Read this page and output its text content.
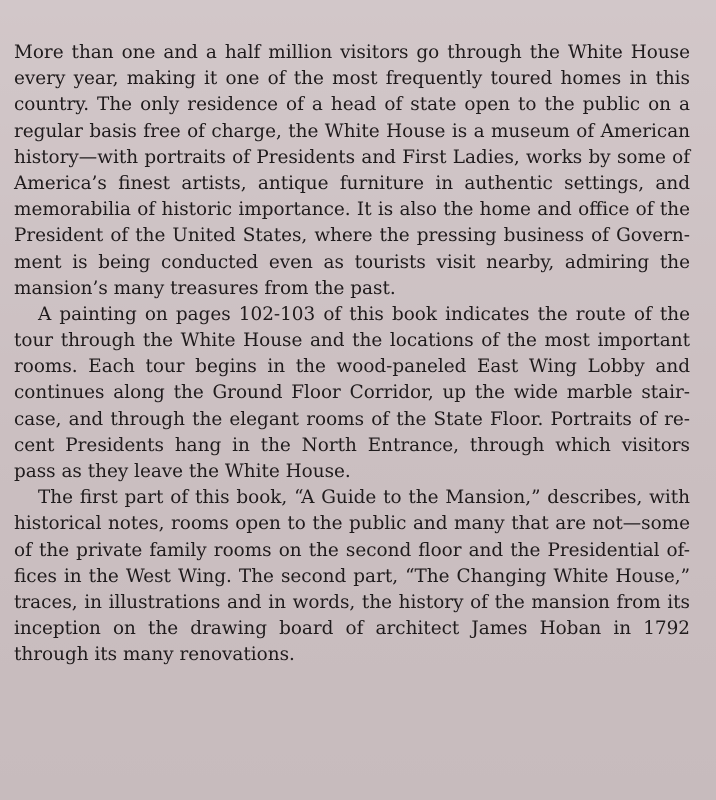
More than one and a half million visitors go through the White House
every year, making it one of the most frequently toured homes in this
country. The only residence of a head of state open to the public on a
regular basis free of charge, the White House is a museum of American
history—with portraits of Presidents and First Ladies, works by some of
America’s finest artists, antique furniture in authentic settings, and
memorabilia of historic importance. It is also the home and office of the
President of the United States, where the pressing business of Govern-
ment is being conducted even as tourists visit nearby, admiring the
mansion’s many treasures from the past.
A painting on pages 102-103 of this book indicates the route of the
tour through the White House and the locations of the most important
rooms. Each tour begins in the wood-paneled East Wing Lobby and
continues along the Ground Floor Corridor, up the wide marble stair-
case, and through the elegant rooms of the State Floor. Portraits of re-
cent Presidents hang in the North Entrance, through which visitors
pass as they leave the White House.
The first part of this book, “A Guide to the Mansion,” describes, with
historical notes, rooms open to the public and many that are not—some
of the private family rooms on the second floor and the Presidential of-
fices in the West Wing. The second part, “The Changing White House,”
traces, in illustrations and in words, the history of the mansion from its
inception on the drawing board of architect James Hoban in 1792
through its many renovations.
